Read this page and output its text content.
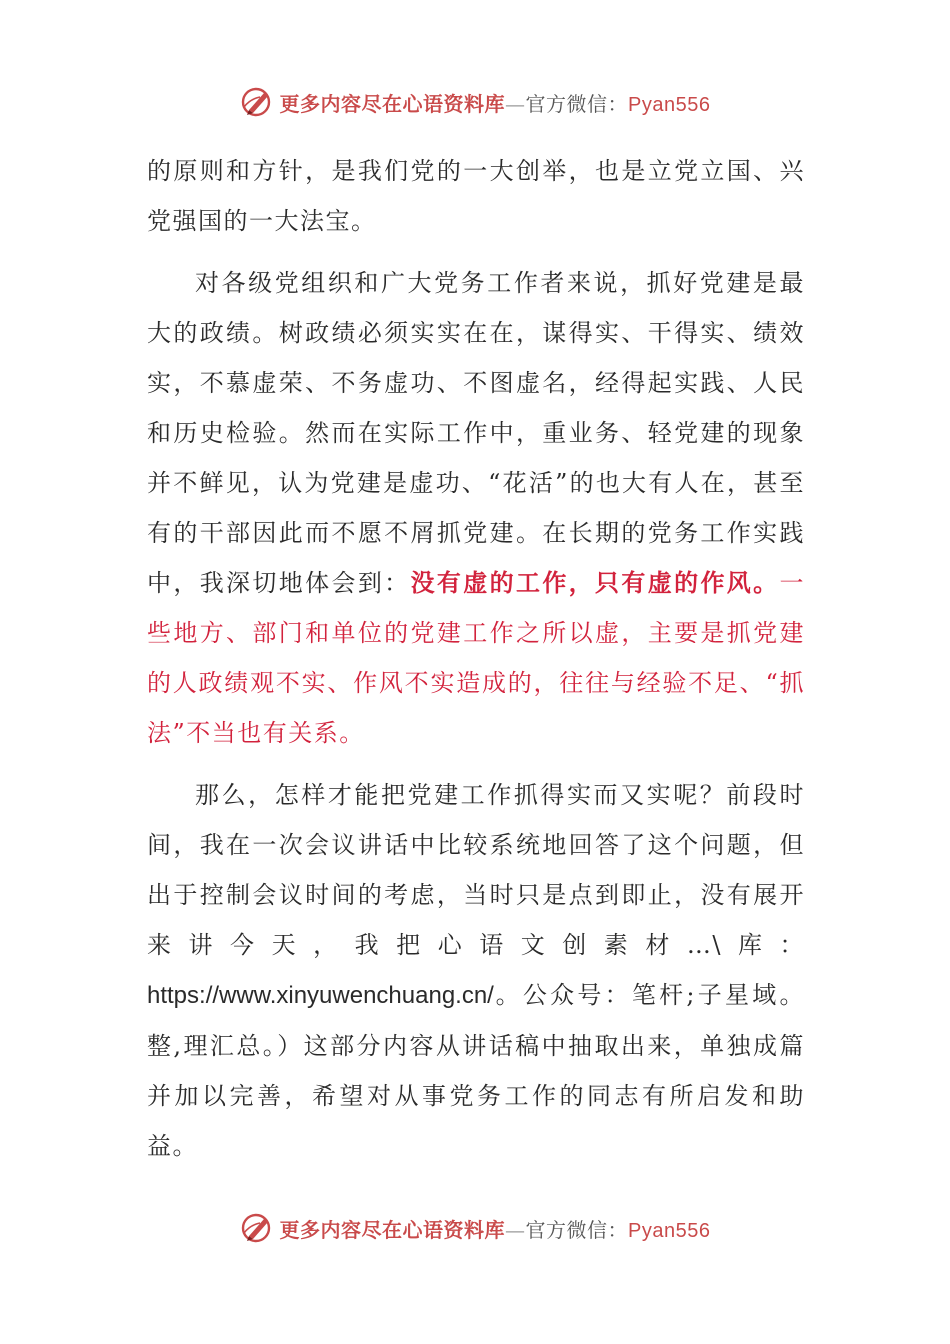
更多内容尽在心语资料库—官方微信：Pyan556

的原则和方针，是我们党的一大创举，也是立党立国、兴党强国的一大法宝。

对各级党组织和广大党务工作者来说，抓好党建是最大的政绩。树政绩必须实实在在，谋得实、干得实、绩效实，不慕虚荣、不务虚功、不图虚名，经得起实践、人民和历史检验。然而在实际工作中，重业务、轻党建的现象并不鲜见，认为党建是虚功、“花活”的也大有人在，甚至有的干部因此而不愿不屑抓党建。在长期的党务工作实践中，我深切地体会到：没有虚的工作，只有虚的作风。一些地方、部门和单位的党建工作之所以虚，主要是抓党建的人政绩观不实、作风不实造成的，往往与经验不足、“抓法”不当也有关系。

那么，怎样才能把党建工作抓得实而又实呢？前段时间，我在一次会议讲话中比较系统地回答了这个问题，但出于控制会议时间的考虑，当时只是点到即止，没有展开来讲今天，我把心语文创素材…\库：https://www.xinyuwenchuang.cn/。公众号：笔杆;子星域。整,理汇总。）这部分内容从讲话稿中抽取出来，单独成篇并加以完善，希望对从事党务工作的同志有所启发和助益。

更多内容尽在心语资料库—官方微信：Pyan556
